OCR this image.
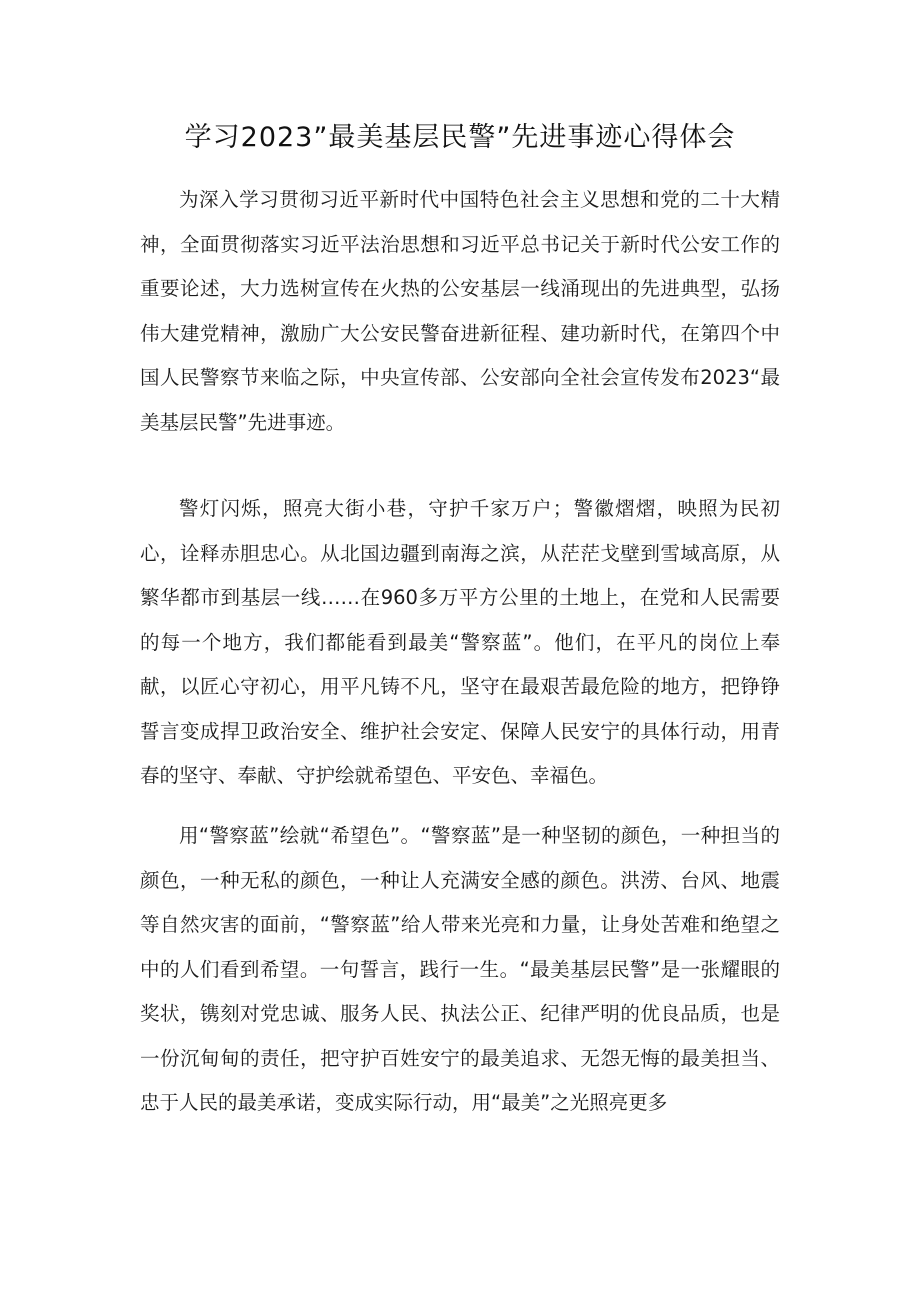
学习2023”最美基层民警”先进事迹心得体会

为深入学习贯彻习近平新时代中国特色社会主义思想和党的二十大精神，全面贯彻落实习近平法治思想和习近平总书记关于新时代公安工作的重要论述，大力选树宣传在火热的公安基层一线涌现出的先进典型，弘扬伟大建党精神，激励广大公安民警奋进新征程、建功新时代，在第四个中国人民警察节来临之际，中央宣传部、公安部向全社会宣传发布2023“最美基层民警”先进事迹。

警灯闪烁，照亮大街小巷，守护千家万户；警徽熠熠，映照为民初心，诠释赤胆忠心。从北国边疆到南海之滨，从茫茫戈壁到雪域高原，从繁华都市到基层一线……在960多万平方公里的土地上，在党和人民需要的每一个地方，我们都能看到最美“警察蓝”。他们，在平凡的岗位上奉献，以匠心守初心，用平凡铸不凡，坚守在最艰苦最危险的地方，把铮铮誓言变成捍卫政治安全、维护社会安定、保障人民安宁的具体行动，用青春的坚守、奉献、守护绘就希望色、平安色、幸福色。

用“警察蓝”绘就“希望色”。“警察蓝”是一种坚韧的颜色，一种担当的颜色，一种无私的颜色，一种让人充满安全感的颜色。洪涝、台风、地震等自然灾害的面前，“警察蓝”给人带来光亮和力量，让身处苦难和绝望之中的人们看到希望。一句誓言，践行一生。“最美基层民警”是一张耀眼的奖状，镌刻对党忠诚、服务人民、执法公正、纪律严明的优良品质，也是一份沉甸甸的责任，把守护百姓安宁的最美追求、无怨无悔的最美担当、忠于人民的最美承诺，变成实际行动，用“最美”之光照亮更多
